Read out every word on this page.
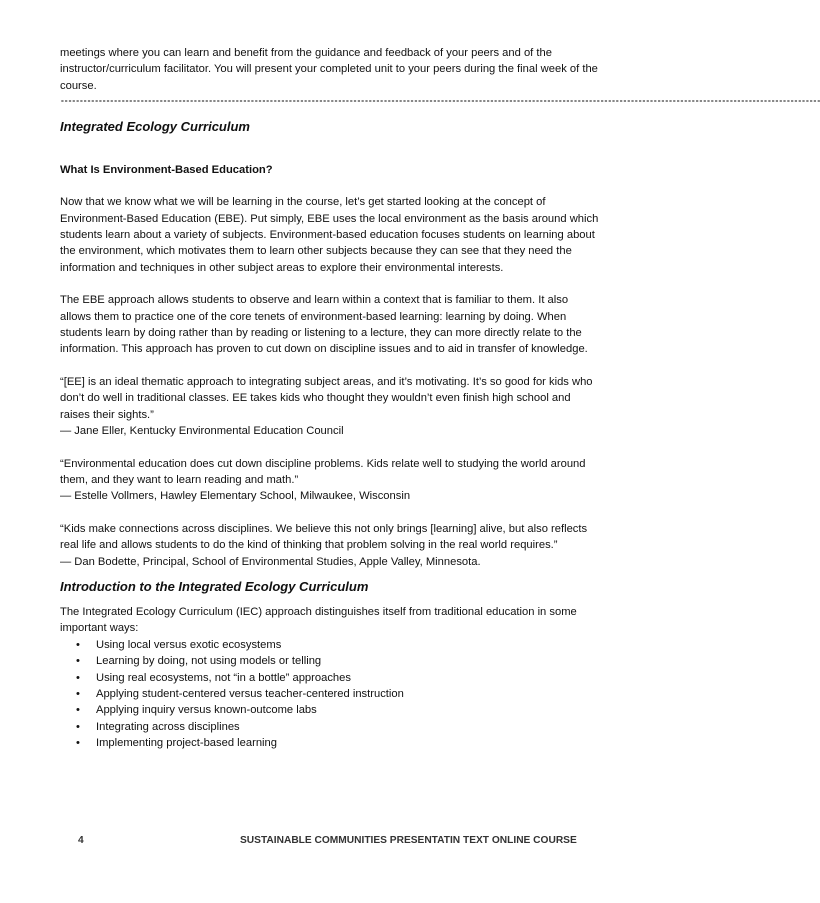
meetings where you can learn and benefit from the guidance and feedback of your peers and of the instructor/curriculum facilitator. You will present your completed unit to your peers during the final week of the course.

--------------------------------------------------------------------------------------------------------------------------------------------------------------------------------------------------------
Integrated Ecology Curriculum
What Is Environment-Based Education?

Now that we know what we will be learning in the course, let’s get started looking at the concept of Environment-Based Education (EBE). Put simply, EBE uses the local environment as the basis around which students learn about a variety of subjects. Environment-based education focuses students on learning about the environment, which motivates them to learn other subjects because they can see that they need the information and techniques in other subject areas to explore their environmental interests.

The EBE approach allows students to observe and learn within a context that is familiar to them. It also allows them to practice one of the core tenets of environment-based learning: learning by doing. When students learn by doing rather than by reading or listening to a lecture, they can more directly relate to the information. This approach has proven to cut down on discipline issues and to aid in transfer of knowledge.

“[EE] is an ideal thematic approach to integrating subject areas, and it’s motivating. It’s so good for kids who don’t do well in traditional classes. EE takes kids who thought they wouldn’t even finish high school and raises their sights.”

— Jane Eller, Kentucky Environmental Education Council

“Environmental education does cut down discipline problems. Kids relate well to studying the world around them, and they want to learn reading and math.”

— Estelle Vollmers, Hawley Elementary School, Milwaukee, Wisconsin

“Kids make connections across disciplines. We believe this not only brings [learning] alive, but also reflects real life and allows students to do the kind of thinking that problem solving in the real world requires.”

— Dan Bodette, Principal, School of Environmental Studies, Apple Valley, Minnesota.

Introduction to the Integrated Ecology Curriculum

The Integrated Ecology Curriculum (IEC) approach distinguishes itself from traditional education in some important ways:

•	Using local versus exotic ecosystems
•	Learning by doing, not using models or telling
•	Using real ecosystems, not “in a bottle” approaches
•	Applying student-centered versus teacher-centered instruction
•	Applying inquiry versus known-outcome labs
•	Integrating across disciplines
•	Implementing project-based learning
4	SUSTAINABLE COMMUNITIES PRESENTATIN TEXT ONLINE COURSE
